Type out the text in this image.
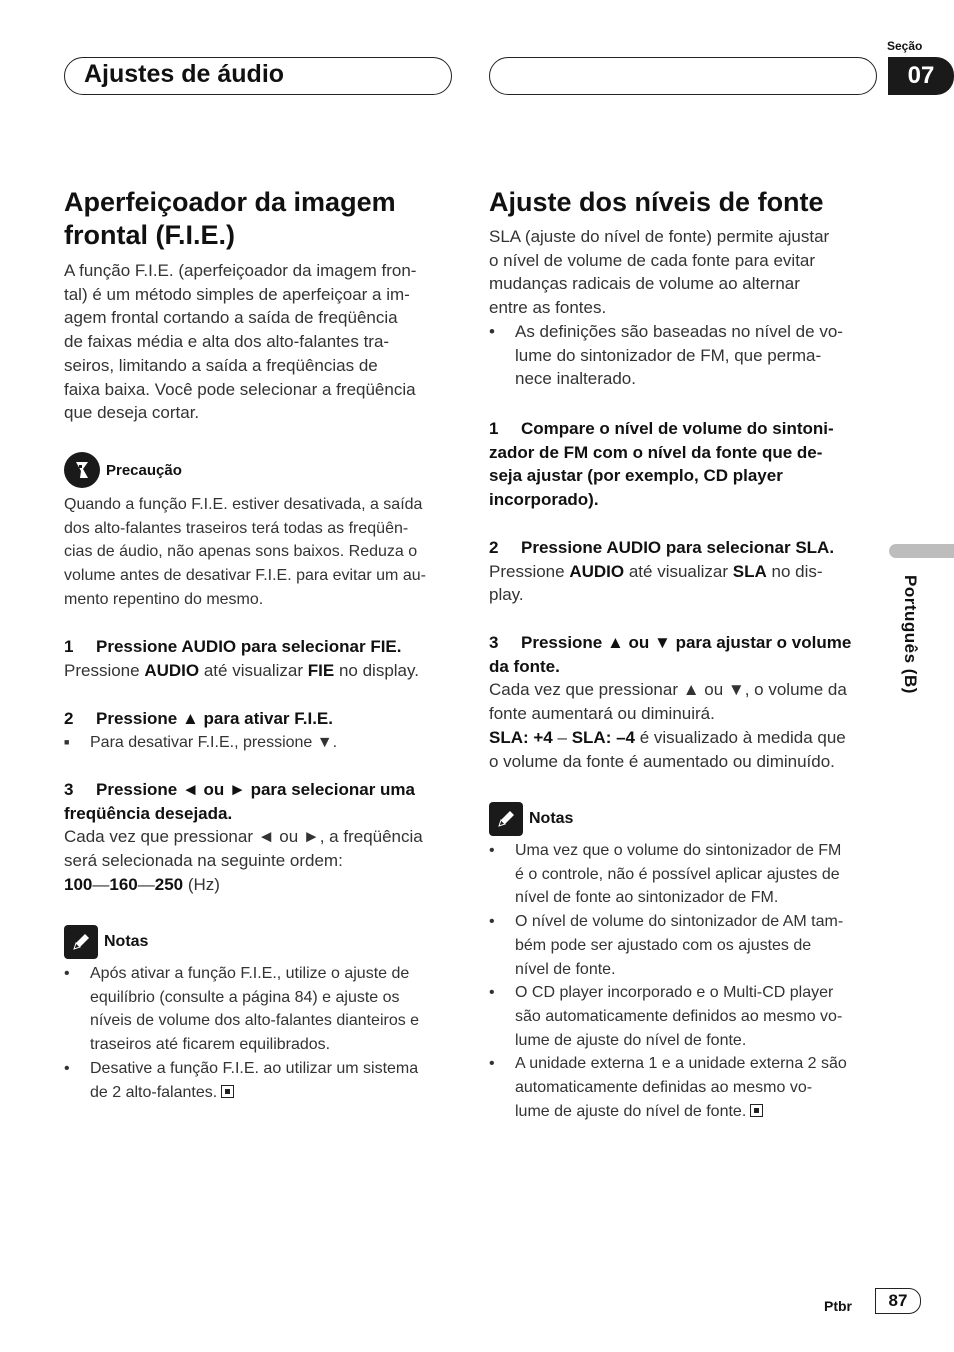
Ajustes de áudio
Seção
07
Português (B)
Aperfeiçoador da imagem
frontal (F.I.E.)
A função F.I.E. (aperfeiçoador da imagem fron-
tal) é um método simples de aperfeiçoar a im-
agem frontal cortando a saída de freqüência
de faixas média e alta dos alto-falantes tra-
seiros, limitando a saída a freqüências de
faixa baixa. Você pode selecionar a freqüência
que deseja cortar.
Precaução
Quando a função F.I.E. estiver desativada, a saída
dos alto-falantes traseiros terá todas as freqüên-
cias de áudio, não apenas sons baixos. Reduza o
volume antes de desativar F.I.E. para evitar um au-
mento repentino do mesmo.
1 Pressione AUDIO para selecionar FIE.
Pressione AUDIO até visualizar FIE no display.
2 Pressione ▲ para ativar F.I.E.
■ Para desativar F.I.E., pressione ▼.
3 Pressione ◄ ou ► para selecionar uma
freqüência desejada.
Cada vez que pressionar ◄ ou ►, a freqüência
será selecionada na seguinte ordem:
100—160—250 (Hz)
Notas
• Após ativar a função F.I.E., utilize o ajuste de
equilíbrio (consulte a página 84) e ajuste os
níveis de volume dos alto-falantes dianteiros e
traseiros até ficarem equilibrados.
• Desative a função F.I.E. ao utilizar um sistema
de 2 alto-falantes.
Ajuste dos níveis de fonte
SLA (ajuste do nível de fonte) permite ajustar
o nível de volume de cada fonte para evitar
mudanças radicais de volume ao alternar
entre as fontes.
• As definições são baseadas no nível de vo-
lume do sintonizador de FM, que perma-
nece inalterado.
1 Compare o nível de volume do sintoni-
zador de FM com o nível da fonte que de-
seja ajustar (por exemplo, CD player
incorporado).
2 Pressione AUDIO para selecionar SLA.
Pressione AUDIO até visualizar SLA no dis-
play.
3 Pressione ▲ ou ▼ para ajustar o volume
da fonte.
Cada vez que pressionar ▲ ou ▼, o volume da
fonte aumentará ou diminuirá.
SLA: +4 – SLA: –4 é visualizado à medida que
o volume da fonte é aumentado ou diminuído.
Notas
• Uma vez que o volume do sintonizador de FM
é o controle, não é possível aplicar ajustes de
nível de fonte ao sintonizador de FM.
• O nível de volume do sintonizador de AM tam-
bém pode ser ajustado com os ajustes de
nível de fonte.
• O CD player incorporado e o Multi-CD player
são automaticamente definidos ao mesmo vo-
lume de ajuste do nível de fonte.
• A unidade externa 1 e a unidade externa 2 são
automaticamente definidas ao mesmo vo-
lume de ajuste do nível de fonte.
Ptbr	87
